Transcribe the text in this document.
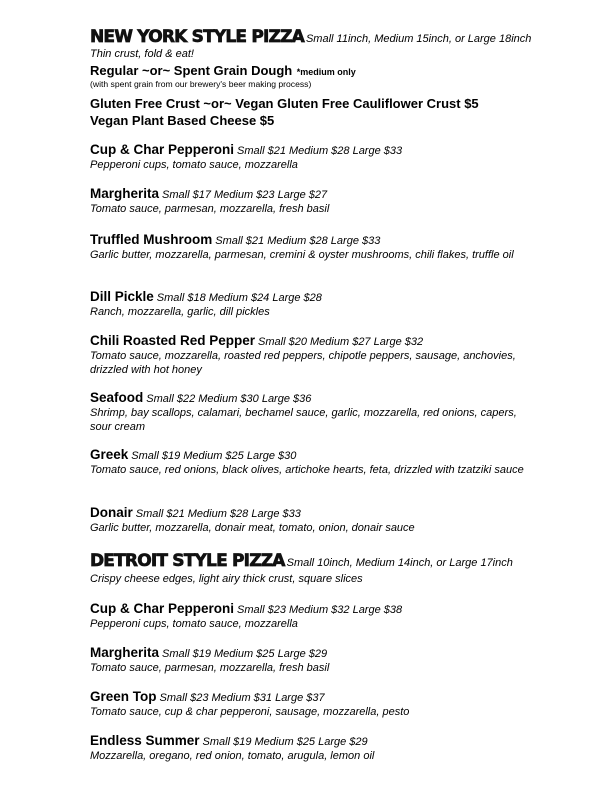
NEW YORK STYLE PIZZA Small 11inch, Medium 15inch, or Large 18inch
Thin crust, fold & eat!
Regular ~or~ Spent Grain Dough *medium only
(with spent grain from our brewery's beer making process)
Gluten Free Crust ~or~ Vegan Gluten Free Cauliflower Crust $5
Vegan Plant Based Cheese $5
Cup & Char Pepperoni Small $21 Medium $28 Large $33
Pepperoni cups, tomato sauce, mozzarella
Margherita Small $17 Medium $23 Large $27
Tomato sauce, parmesan, mozzarella, fresh basil
Truffled Mushroom Small $21 Medium $28 Large $33
Garlic butter, mozzarella, parmesan, cremini & oyster mushrooms, chili flakes, truffle oil
Dill Pickle Small $18 Medium $24 Large $28
Ranch, mozzarella, garlic, dill pickles
Chili Roasted Red Pepper Small $20 Medium $27 Large $32
Tomato sauce, mozzarella, roasted red peppers, chipotle peppers, sausage, anchovies, drizzled with hot honey
Seafood Small $22 Medium $30 Large $36
Shrimp, bay scallops, calamari, bechamel sauce, garlic, mozzarella, red onions, capers, sour cream
Greek Small $19 Medium $25 Large $30
Tomato sauce, red onions, black olives, artichoke hearts, feta, drizzled with tzatziki sauce
Donair Small $21 Medium $28 Large $33
Garlic butter, mozzarella, donair meat, tomato, onion, donair sauce
DETROIT STYLE PIZZA Small 10inch, Medium 14inch, or Large 17inch
Crispy cheese edges, light airy thick crust, square slices
Cup & Char Pepperoni Small $23 Medium $32 Large $38
Pepperoni cups, tomato sauce, mozzarella
Margherita Small $19 Medium $25 Large $29
Tomato sauce, parmesan, mozzarella, fresh basil
Green Top Small $23 Medium $31 Large $37
Tomato sauce, cup & char pepperoni, sausage, mozzarella, pesto
Endless Summer Small $19 Medium $25 Large $29
Mozzarella, oregano, red onion, tomato, arugula, lemon oil
